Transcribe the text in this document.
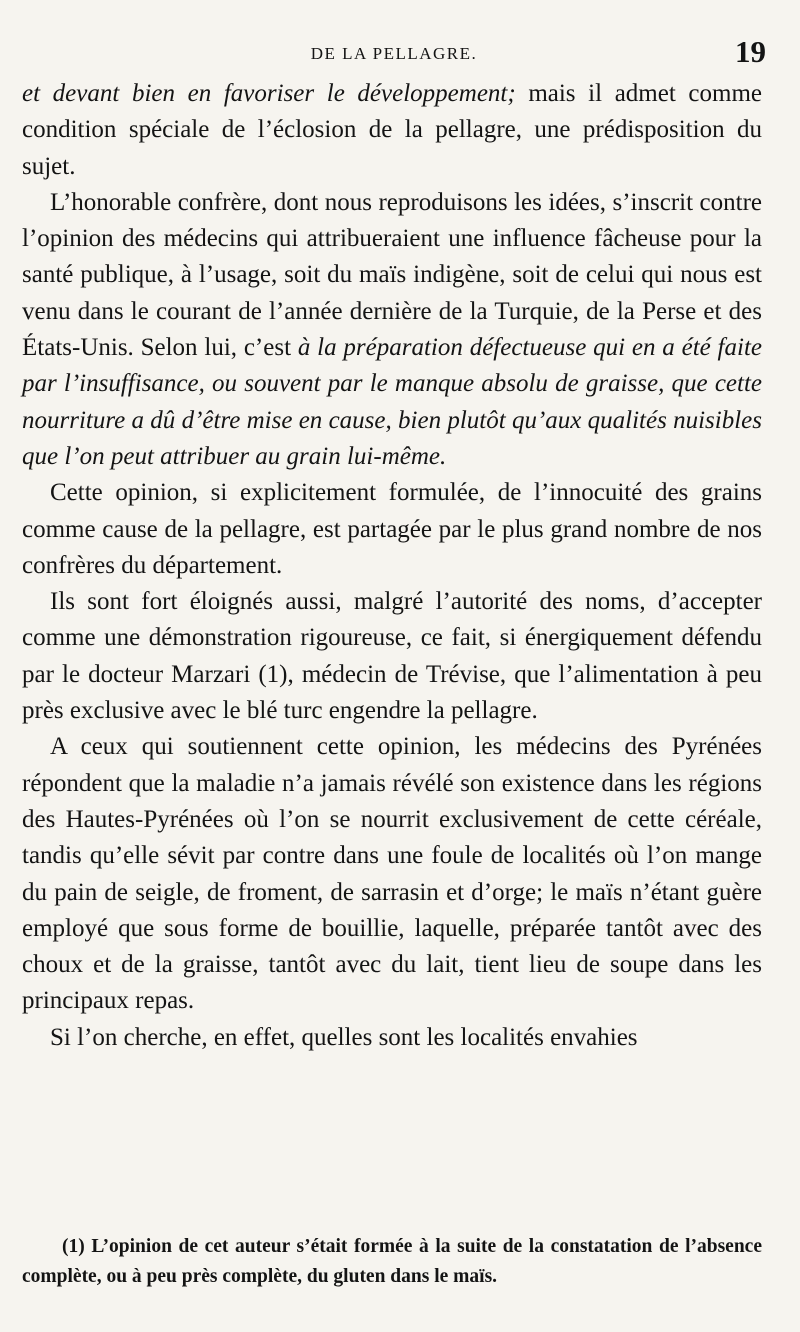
DE LA PELLAGRE.	19

et devant bien en favoriser le développement; mais il admet comme condition spéciale de l’éclosion de la pellagre, une prédisposition du sujet.

L’honorable confrère, dont nous reproduisons les idées, s’inscrit contre l’opinion des médecins qui attribueraient une influence fâcheuse pour la santé publique, à l’usage, soit du maïs indigène, soit de celui qui nous est venu dans le courant de l’année dernière de la Turquie, de la Perse et des États-Unis. Selon lui, c’est à la préparation défectueuse qui en a été faite par l’insuffisance, ou souvent par le manque absolu de graisse, que cette nourriture a dû d’être mise en cause, bien plutôt qu’aux qualités nuisibles que l’on peut attribuer au grain lui-même.

Cette opinion, si explicitement formulée, de l’innocuité des grains comme cause de la pellagre, est partagée par le plus grand nombre de nos confrères du département.

Ils sont fort éloignés aussi, malgré l’autorité des noms, d’accepter comme une démonstration rigoureuse, ce fait, si énergiquement défendu par le docteur Marzari (1), médecin de Trévise, que l’alimentation à peu près exclusive avec le blé turc engendre la pellagre.

A ceux qui soutiennent cette opinion, les médecins des Pyrénées répondent que la maladie n’a jamais révélé son existence dans les régions des Hautes-Pyrénées où l’on se nourrit exclusivement de cette céréale, tandis qu’elle sévit par contre dans une foule de localités où l’on mange du pain de seigle, de froment, de sarrasin et d’orge; le maïs n’étant guère employé que sous forme de bouillie, laquelle, préparée tantôt avec des choux et de la graisse, tantôt avec du lait, tient lieu de soupe dans les principaux repas.

Si l’on cherche, en effet, quelles sont les localités envahies

(1) L’opinion de cet auteur s’était formée à la suite de la constatation de l’absence complète, ou à peu près complète, du gluten dans le maïs.
